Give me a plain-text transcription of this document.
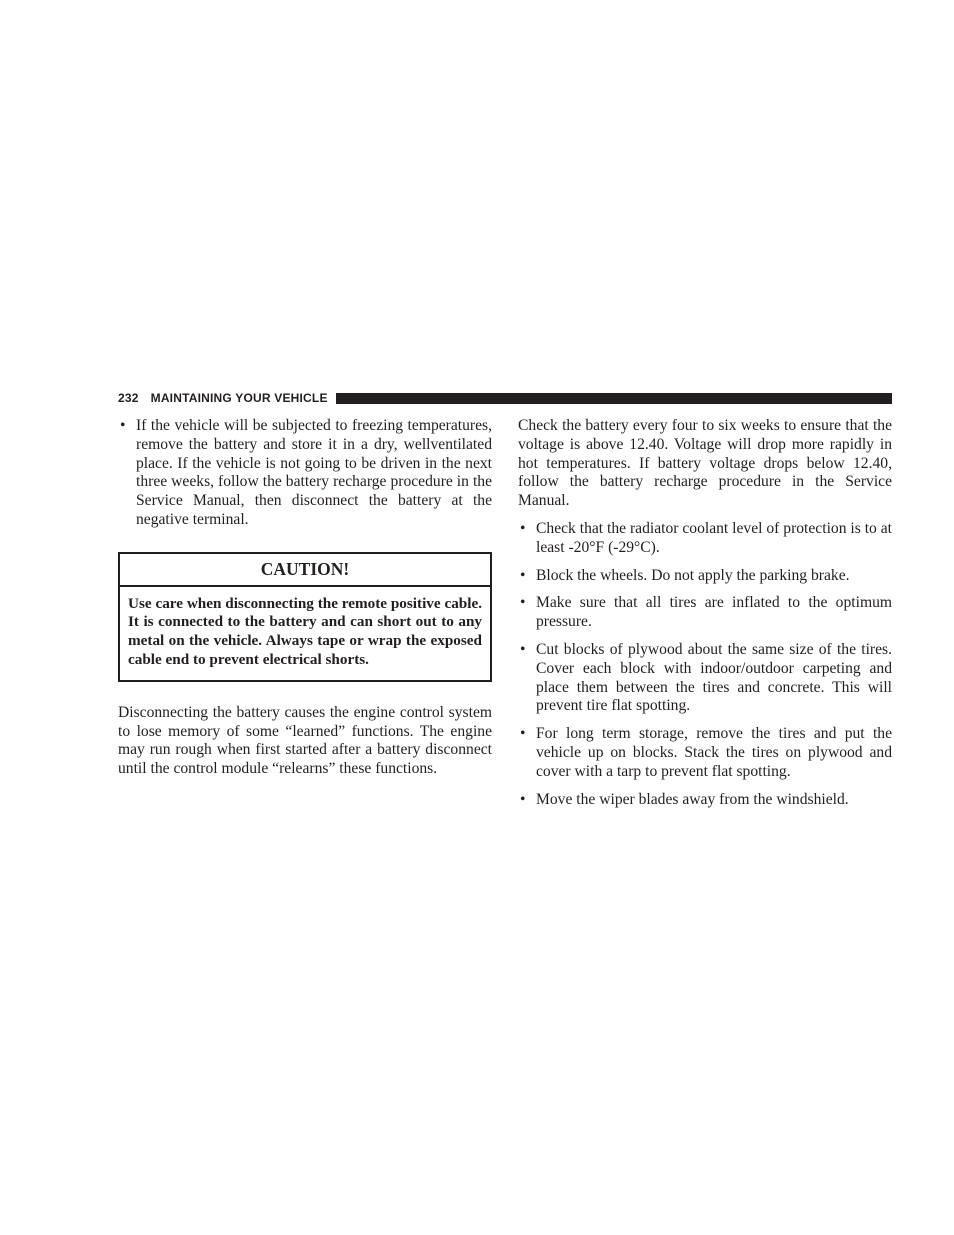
232 MAINTAINING YOUR VEHICLE
• If the vehicle will be subjected to freezing temperatures, remove the battery and store it in a dry, wellventilated place. If the vehicle is not going to be driven in the next three weeks, follow the battery recharge procedure in the Service Manual, then disconnect the battery at the negative terminal.
CAUTION!
Use care when disconnecting the remote positive cable. It is connected to the battery and can short out to any metal on the vehicle. Always tape or wrap the exposed cable end to prevent electrical shorts.

Disconnecting the battery causes the engine control system to lose memory of some “learned” functions. The engine may run rough when first started after a battery disconnect until the control module “relearns” these functions.

Check the battery every four to six weeks to ensure that the voltage is above 12.40. Voltage will drop more rapidly in hot temperatures. If battery voltage drops below 12.40, follow the battery recharge procedure in the Service Manual.

• Check that the radiator coolant level of protection is to at least -20°F (-29°C).
• Block the wheels. Do not apply the parking brake.
• Make sure that all tires are inflated to the optimum pressure.
• Cut blocks of plywood about the same size of the tires. Cover each block with indoor/outdoor carpeting and place them between the tires and concrete. This will prevent tire flat spotting.
• For long term storage, remove the tires and put the vehicle up on blocks. Stack the tires on plywood and cover with a tarp to prevent flat spotting.
• Move the wiper blades away from the windshield.
